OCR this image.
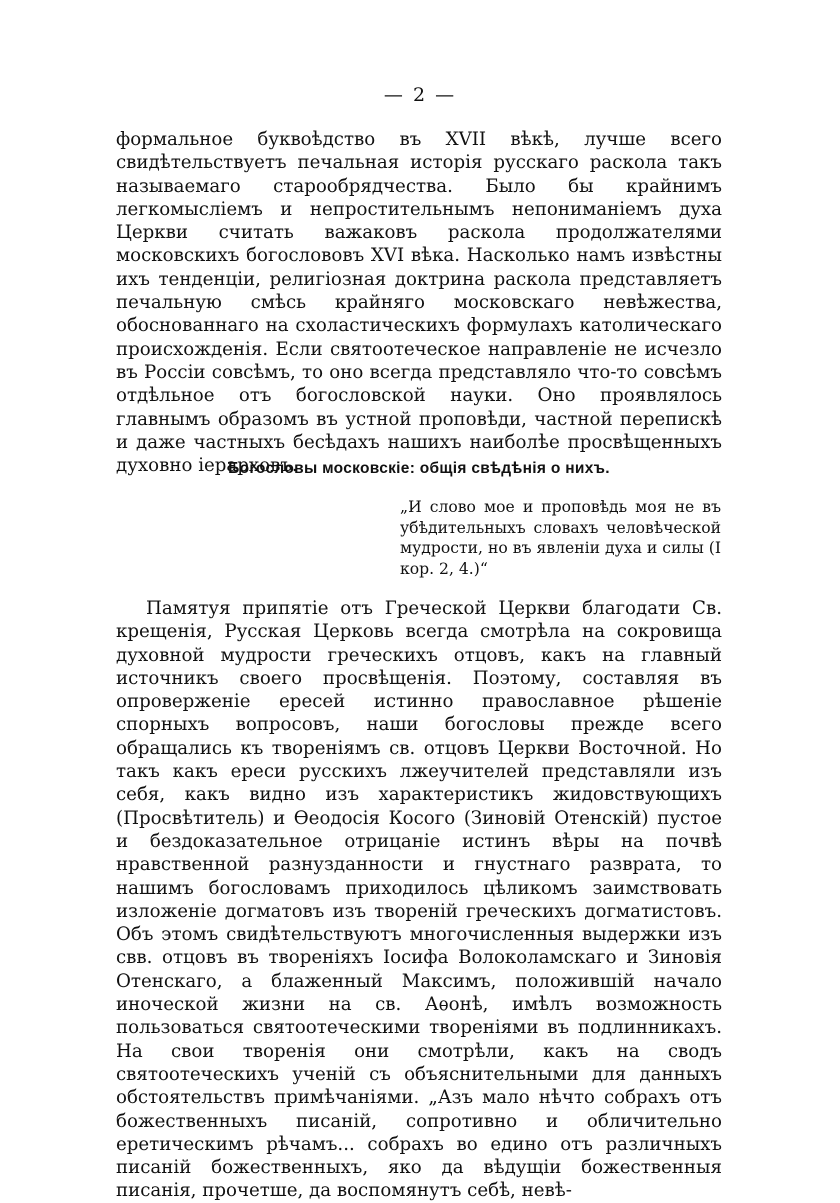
— 2 —

формальное буквоѣдство въ XVII вѣкѣ, лучше всего свидѣтельствуетъ печальная исторія русскаго раскола такъ называемаго старообрядчества. Было бы крайнимъ легкомысліемъ и непростительнымъ непониманіемъ духа Церкви считать важаковъ раскола продолжателями московскихъ богослововъ XVI вѣка. Насколько намъ извѣстны ихъ тенденціи, религіозная доктрина раскола представляетъ печальную смѣсь крайняго московскаго невѣжества, обоснованнаго на схоластическихъ формулахъ католическаго происхожденія. Если святоотеческое направленіе не исчезло въ Россіи совсѣмъ, то оно всегда представляло что-то совсѣмъ отдѣльное отъ богословской науки. Оно проявлялось главнымъ образомъ въ устной проповѣди, частной перепискѣ и даже частныхъ бесѣдахъ нашихъ наиболѣе просвѣщенныхъ духовно іерарховъ.

Богословы московскіе: общія свѣдѣнія о нихъ.

„И слово мое и проповѣдь моя не въ убѣдительныхъ словахъ человѣческой мудрости, но въ явленіи духа и силы (I кор. 2, 4.)“

Памятуя припятіе отъ Греческой Церкви благодати Св. крещенія, Русская Церковь всегда смотрѣла на сокровища духовной мудрости греческихъ отцовъ, какъ на главный источникъ своего просвѣщенія. Поэтому, составляя въ опроверженіе ересей истинно православное рѣшеніе спорныхъ вопросовъ, наши богословы прежде всего обращались къ твореніямъ св. отцовъ Церкви Восточной. Но такъ какъ ереси русскихъ лжеучителей представляли изъ себя, какъ видно изъ характеристикъ жидовствующихъ (Просвѣтитель) и Ѳеодосія Косого (Зиновій Отенскій) пустое и бездоказательное отрицаніе истинъ вѣры на почвѣ нравственной разнузданности и гнустнаго разврата, то нашимъ богословамъ приходилось цѣликомъ заимствовать изложеніе догматовъ изъ твореній греческихъ догматистовъ. Объ этомъ свидѣтельствуютъ многочисленныя выдержки изъ свв. отцовъ въ твореніяхъ Іосифа Волоколамскаго и Зиновія Отенскаго, а блаженный Максимъ, положившій начало иноческой жизни на св. Аѳонѣ, имѣлъ возможность пользоваться святоотеческими твореніями въ подлинникахъ. На свои творенія они смотрѣли, какъ на сводъ святоотеческихъ ученій съ объяснительными для данныхъ обстоятельствъ примѣчаніями. „Азъ мало нѣчто собрахъ отъ божественныхъ писаній, сопротивно и обличительно еретическимъ рѣчамъ... собрахъ во едино отъ различныхъ писаній божественныхъ, яко да вѣдущіи божественныя писанія, прочетше, да воспомянутъ себѣ, невѣ-
